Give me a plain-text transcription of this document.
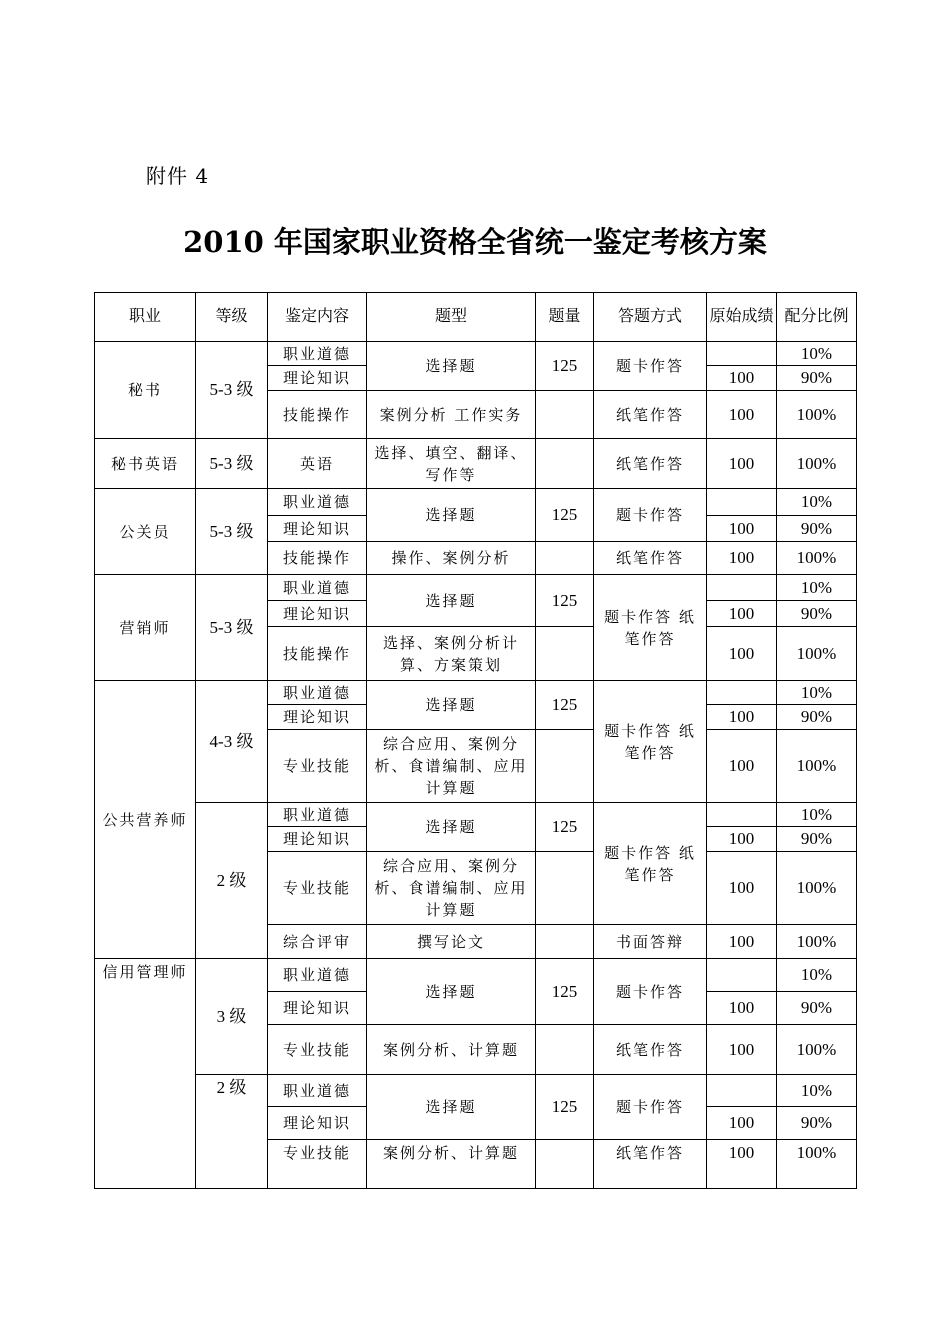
附件 4
2010 年国家职业资格全省统一鉴定考核方案
职业	等级	鉴定内容	题型	题量	答题方式	原始成绩	配分比例
秘书	5-3 级	职业道德	选择题	125	题卡作答		10%
		理论知识				100	90%
		技能操作	案例分析 工作实务		纸笔作答	100	100%
秘书英语	5-3 级	英语	选择、填空、翻译、写作等		纸笔作答	100	100%
公关员	5-3 级	职业道德	选择题	125	题卡作答		10%
		理论知识				100	90%
		技能操作	操作、案例分析		纸笔作答	100	100%
营销师	5-3 级	职业道德	选择题	125	题卡作答 纸笔作答		10%
		理论知识				100	90%
		技能操作	选择、案例分析计算、方案策划			100	100%
公共营养师	4-3 级	职业道德	选择题	125	题卡作答 纸笔作答		10%
		理论知识				100	90%
		专业技能	综合应用、案例分析、食谱编制、应用计算题			100	100%
	2 级	职业道德	选择题	125	题卡作答 纸笔作答		10%
		理论知识				100	90%
		专业技能	综合应用、案例分析、食谱编制、应用计算题			100	100%
		综合评审	撰写论文		书面答辩	100	100%
信用管理师	3 级	职业道德	选择题	125	题卡作答		10%
		理论知识				100	90%
		专业技能	案例分析、计算题		纸笔作答	100	100%
	2 级	职业道德	选择题	125	题卡作答		10%
		理论知识				100	90%
		专业技能	案例分析、计算题		纸笔作答	100	100%
